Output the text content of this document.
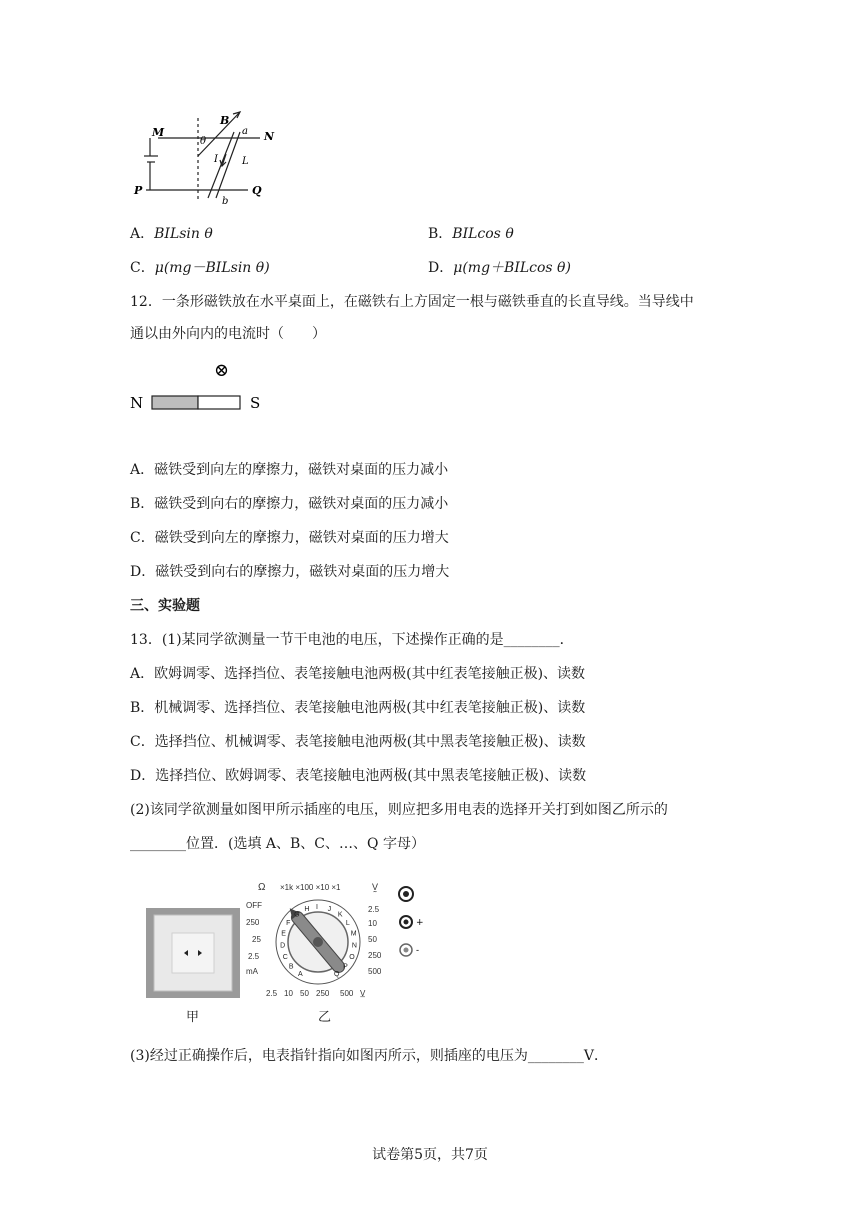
M	N
P	Q
B
a
b
θ
I L
A．BILsin θ	B．BILcos θ
C．μ(mg－BILsin θ)	D．μ(mg＋BILcos θ)
12．一条形磁铁放在水平桌面上，在磁铁右上方固定一根与磁铁垂直的长直导线。当导线中
通以由外向内的电流时（　　）
⊗
N	S
A．磁铁受到向左的摩擦力，磁铁对桌面的压力减小
B．磁铁受到向右的摩擦力，磁铁对桌面的压力减小
C．磁铁受到向左的摩擦力，磁铁对桌面的压力增大
D．磁铁受到向右的摩擦力，磁铁对桌面的压力增大
三、实验题
13．(1)某同学欲测量一节干电池的电压，下述操作正确的是________．
A．欧姆调零、选择挡位、表笔接触电池两极(其中红表笔接触正极)、读数
B．机械调零、选择挡位、表笔接触电池两极(其中红表笔接触正极)、读数
C．选择挡位、机械调零、表笔接触电池两极(其中黑表笔接触正极)、读数
D．选择挡位、欧姆调零、表笔接触电池两极(其中黑表笔接触正极)、读数
(2)该同学欲测量如图甲所示插座的电压，则应把多用电表的选择开关打到如图乙所示的
________位置．(选填 A、B、C、…、Q 字母）
甲
Ω ×1k ×100 ×10 ×1	V̰
OFF
250
25
2.5
mA
2.5
10
50
250
500
2.5 10 50 250 500 V̲
A
B
C
D
E
F
G
H I J
K
L
M
N
O
P
Q
+
-
乙
(3)经过正确操作后，电表指针指向如图丙所示，则插座的电压为________V．
试卷第5页，共7页
